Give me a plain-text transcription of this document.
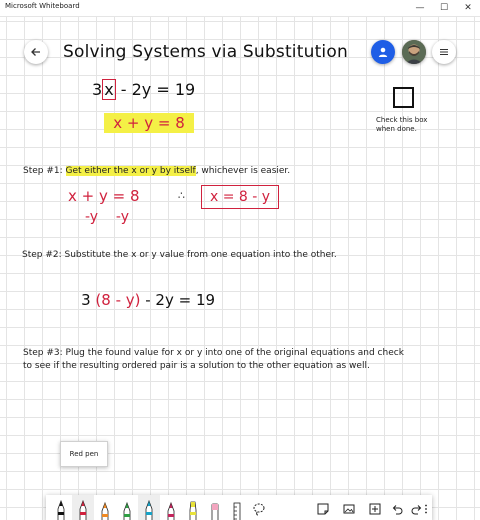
Microsoft Whiteboard	—	☐	✕
Solving Systems via Substitution
3 x - 2y = 19
x + y = 8	Check this box when done.
Step #1: Get either the x or y by itself, whichever is easier.
x + y = 8
-y    -y
∴	x = 8 - y
Step #2: Substitute the x or y value from one equation into the other.

3 (8 - y) - 2y = 19

Step #3: Plug the found value for x or y into one of the original equations and check
to see if the resulting ordered pair is a solution to the other equation as well.
Red pen
